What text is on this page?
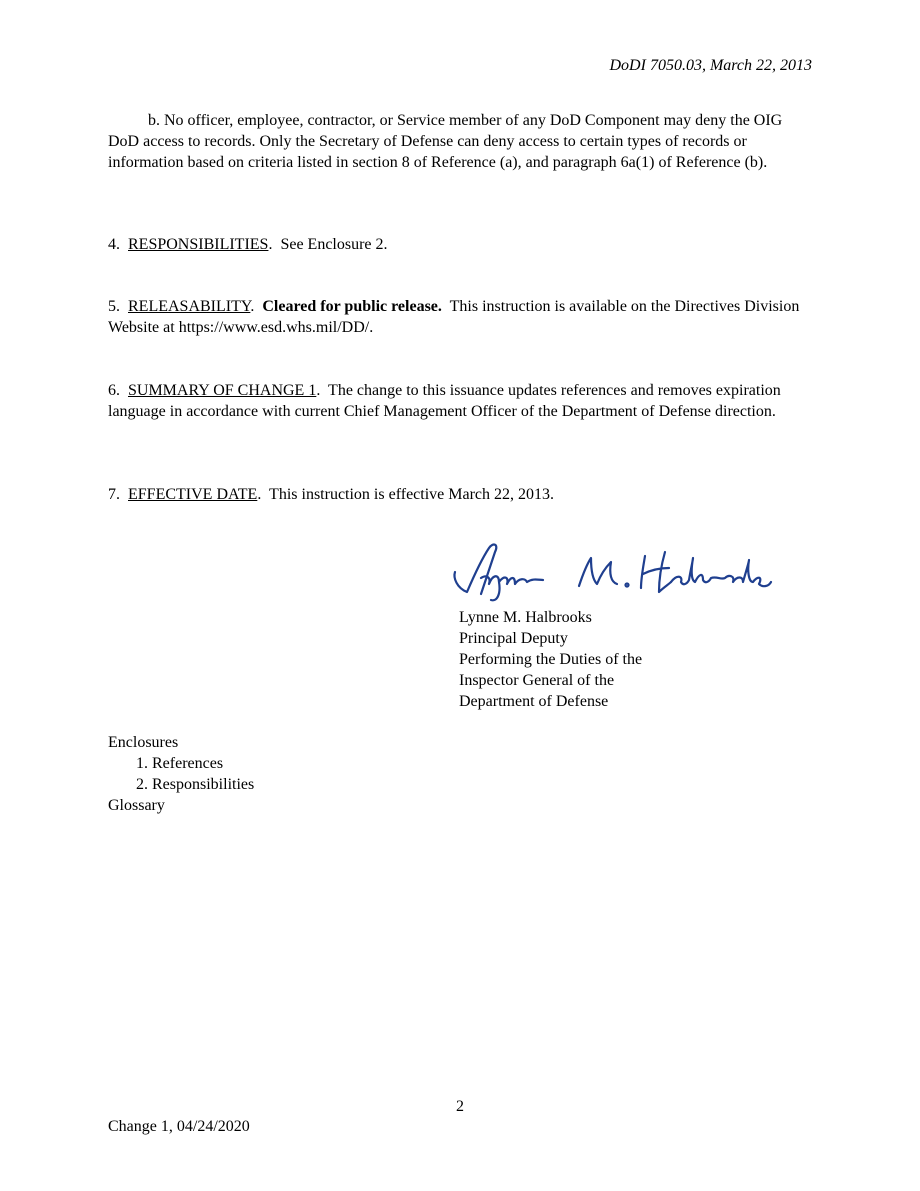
DoDI 7050.03, March 22, 2013
b. No officer, employee, contractor, or Service member of any DoD Component may deny the OIG DoD access to records. Only the Secretary of Defense can deny access to certain types of records or information based on criteria listed in section 8 of Reference (a), and paragraph 6a(1) of Reference (b).
4. RESPONSIBILITIES.  See Enclosure 2.
5. RELEASABILITY.  Cleared for public release. This instruction is available on the Directives Division Website at https://www.esd.whs.mil/DD/.
6. SUMMARY OF CHANGE 1.  The change to this issuance updates references and removes expiration language in accordance with current Chief Management Officer of the Department of Defense direction.
7. EFFECTIVE DATE.  This instruction is effective March 22, 2013.
Lynne M. Halbrooks
Principal Deputy
Performing the Duties of the
Inspector General of the
Department of Defense
Enclosures
1. References
2. Responsibilities
Glossary
2
Change 1, 04/24/2020
